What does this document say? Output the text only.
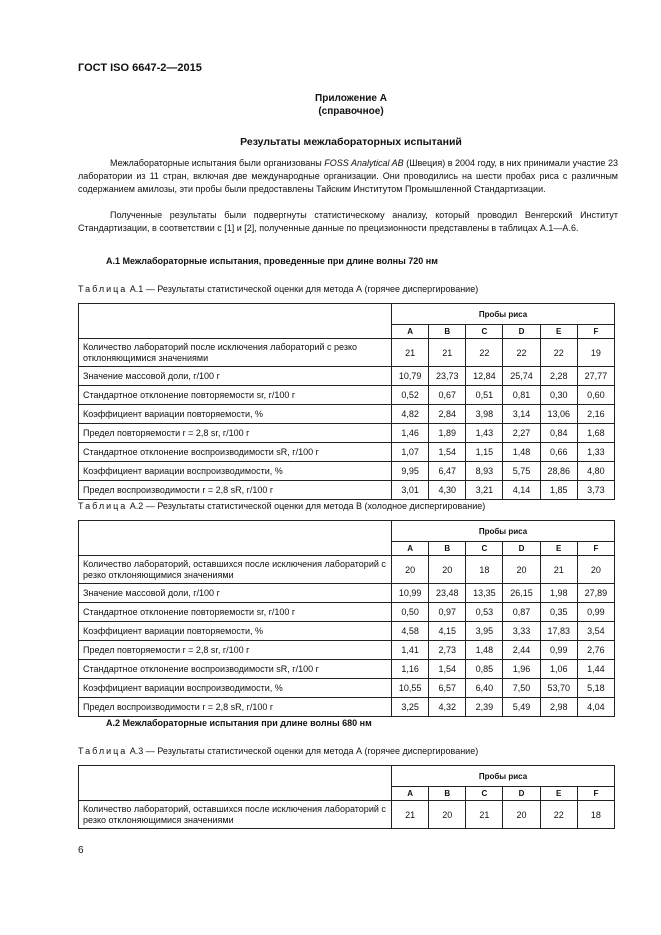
ГОСТ ISO 6647-2—2015
Приложение А
(справочное)
Результаты межлабораторных испытаний

Межлабораторные испытания были организованы FOSS Analytical AB (Швеция) в 2004 году, в них принимали участие 23 лаборатории из 11 стран, включая две международные организации. Они проводились на шести пробах риса с различным содержанием амилозы, эти пробы были предоставлены Тайским Институтом Промышленной Стандартизации.

Полученные результаты были подвергнуты статистическому анализу, который проводил Венгерский Институт Стандартизации, в соответствии с [1] и [2], полученные данные по прецизионности представлены в таблицах А.1—А.6.

А.1 Межлабораторные испытания, проведенные при длине волны 720 нм
Таблица А.1 — Результаты статистической оценки для метода А (горячее диспергирование)
	Пробы риса					
	А	В	С	D	Е	F
Количество лабораторий после исключения лабораторий с резко отклоняющимися значениями	21	21	22	22	22	19
Значение массовой доли, г/100 г	10,79	23,73	12,84	25,74	2,28	27,77
Стандартное отклонение повторяемости sr, г/100 г	0,52	0,67	0,51	0,81	0,30	0,60
Коэффициент вариации повторяемости, %	4,82	2,84	3,98	3,14	13,06	2,16
Предел повторяемости r = 2,8 sr, г/100 г	1,46	1,89	1,43	2,27	0,84	1,68
Стандартное отклонение воспроизводимости sR, г/100 г	1,07	1,54	1,15	1,48	0,66	1,33
Коэффициент вариации воспроизводимости, %	9,95	6,47	8,93	5,75	28,86	4,80
Предел воспроизводимости r = 2,8 sR, г/100 г	3,01	4,30	3,21	4,14	1,85	3,73
Таблица А.2 — Результаты статистической оценки для метода В (холодное диспергирование)
	Пробы риса					
	А	В	С	D	Е	F
Количество лабораторий, оставшихся после исключения лабораторий с резко отклоняющимися значениями	20	20	18	20	21	20
Значение массовой доли, г/100 г	10,99	23,48	13,35	26,15	1,98	27,89
Стандартное отклонение повторяемости sr, г/100 г	0,50	0,97	0,53	0,87	0,35	0,99
Коэффициент вариации повторяемости, %	4,58	4,15	3,95	3,33	17,83	3,54
Предел повторяемости r = 2,8 sr, г/100 г	1,41	2,73	1,48	2,44	0,99	2,76
Стандартное отклонение воспроизводимости sR, г/100 г	1,16	1,54	0,85	1,96	1,06	1,44
Коэффициент вариации воспроизводимости, %	10,55	6,57	6,40	7,50	53,70	5,18
Предел воспроизводимости r = 2,8 sR, г/100 г	3,25	4,32	2,39	5,49	2,98	4,04
А.2 Межлабораторные испытания при длине волны 680 нм
Таблица А.3 — Результаты статистической оценки для метода А (горячее диспергирование)
	Пробы риса					
	А	В	С	D	Е	F
Количество лабораторий, оставшихся после исключения лабораторий с резко отклоняющимися значениями	21	20	21	20	22	18
6
